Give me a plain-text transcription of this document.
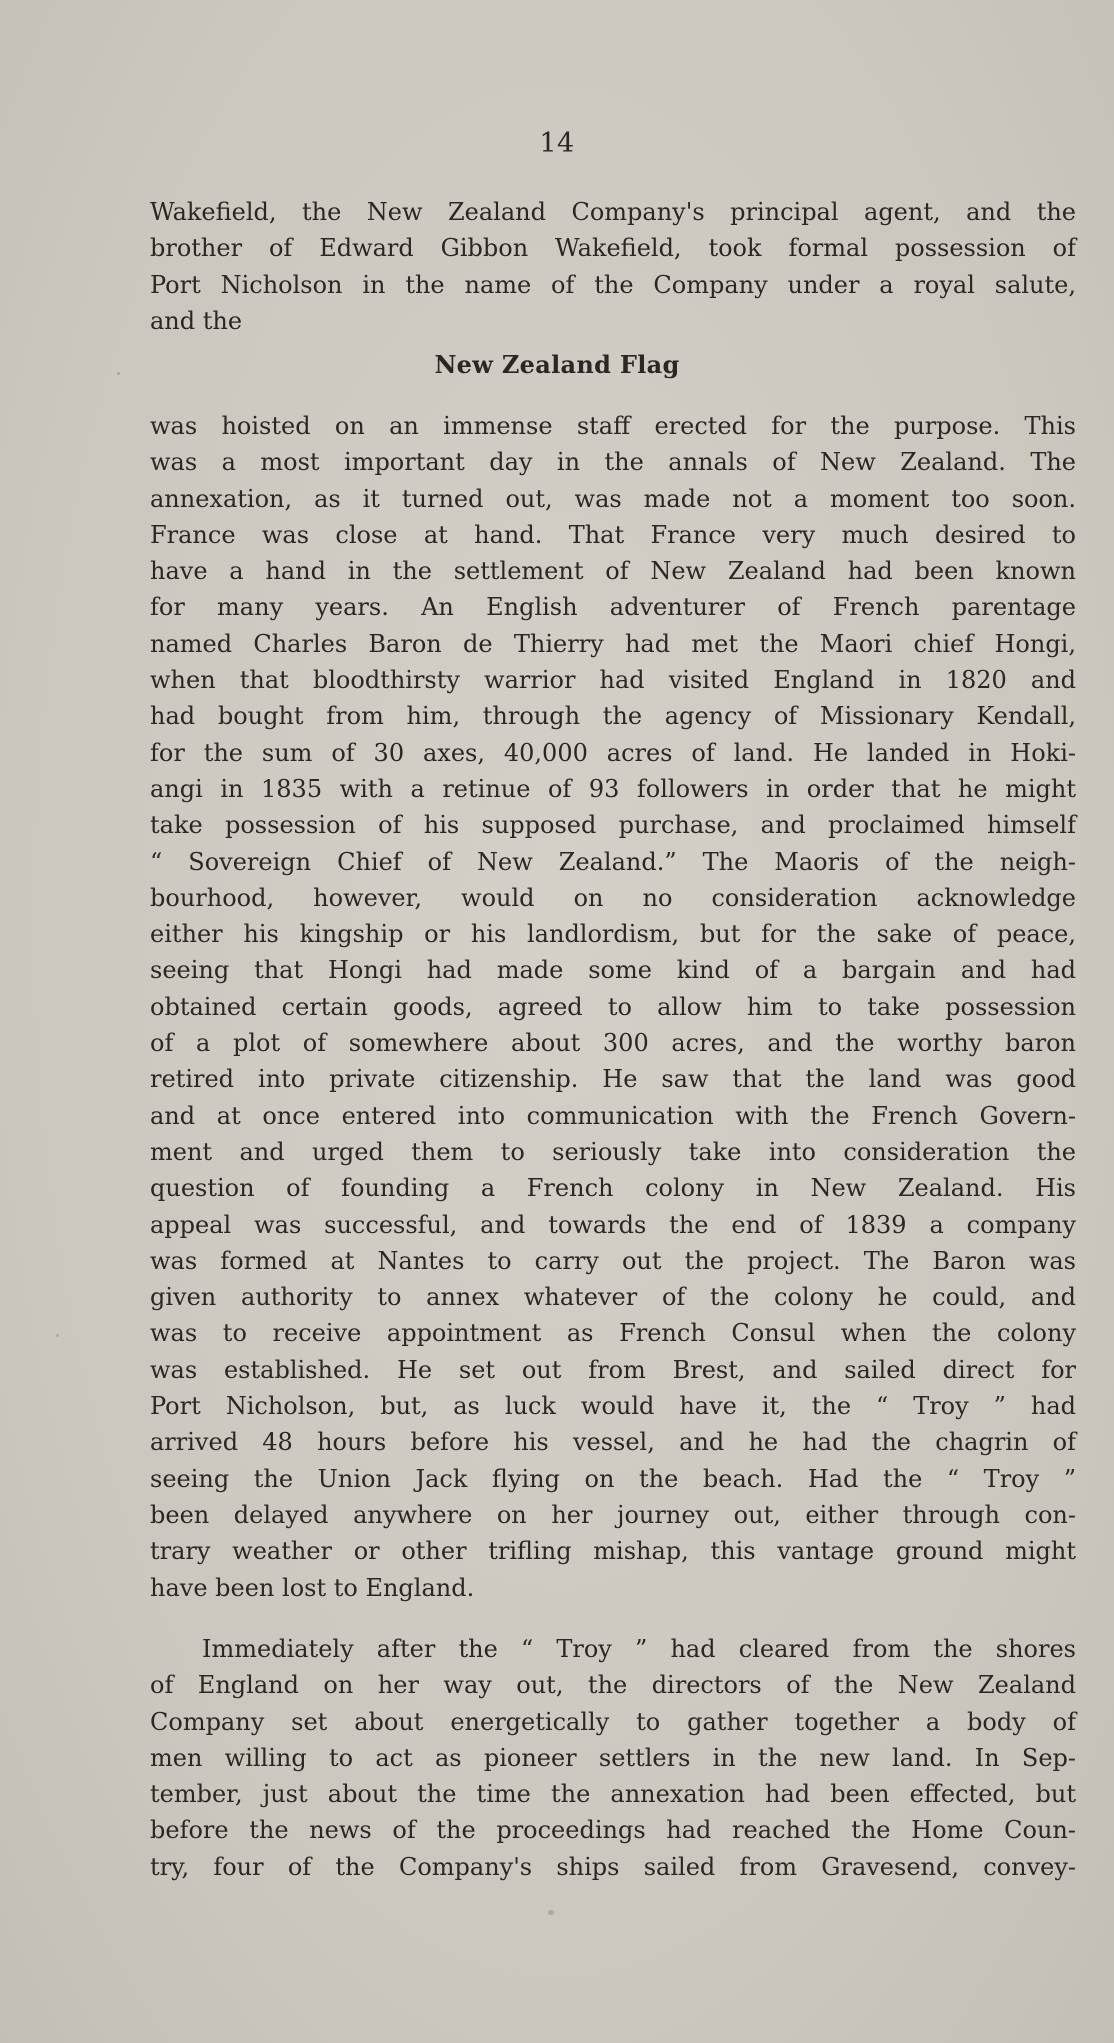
14
Wakefield, the New Zealand Company's principal agent, and the
brother of Edward Gibbon Wakefield, took formal possession of
Port Nicholson in the name of the Company under a royal salute,
and the
New Zealand Flag
was hoisted on an immense staff erected for the purpose. This
was a most important day in the annals of New Zealand. The
annexation, as it turned out, was made not a moment too soon.
France was close at hand. That France very much desired to
have a hand in the settlement of New Zealand had been known
for many years. An English adventurer of French parentage
named Charles Baron de Thierry had met the Maori chief Hongi,
when that bloodthirsty warrior had visited England in 1820 and
had bought from him, through the agency of Missionary Kendall,
for the sum of 30 axes, 40,000 acres of land. He landed in Hoki-
angi in 1835 with a retinue of 93 followers in order that he might
take possession of his supposed purchase, and proclaimed himself
“ Sovereign Chief of New Zealand.” The Maoris of the neigh-
bourhood, however, would on no consideration acknowledge
either his kingship or his landlordism, but for the sake of peace,
seeing that Hongi had made some kind of a bargain and had
obtained certain goods, agreed to allow him to take possession
of a plot of somewhere about 300 acres, and the worthy baron
retired into private citizenship. He saw that the land was good
and at once entered into communication with the French Govern-
ment and urged them to seriously take into consideration the
question of founding a French colony in New Zealand. His
appeal was successful, and towards the end of 1839 a company
was formed at Nantes to carry out the project. The Baron was
given authority to annex whatever of the colony he could, and
was to receive appointment as French Consul when the colony
was established. He set out from Brest, and sailed direct for
Port Nicholson, but, as luck would have it, the “ Troy ” had
arrived 48 hours before his vessel, and he had the chagrin of
seeing the Union Jack flying on the beach. Had the “ Troy ”
been delayed anywhere on her journey out, either through con-
trary weather or other trifling mishap, this vantage ground might
have been lost to England.
Immediately after the “ Troy ” had cleared from the shores
of England on her way out, the directors of the New Zealand
Company set about energetically to gather together a body of
men willing to act as pioneer settlers in the new land. In Sep-
tember, just about the time the annexation had been effected, but
before the news of the proceedings had reached the Home Coun-
try, four of the Company's ships sailed from Gravesend, convey-
